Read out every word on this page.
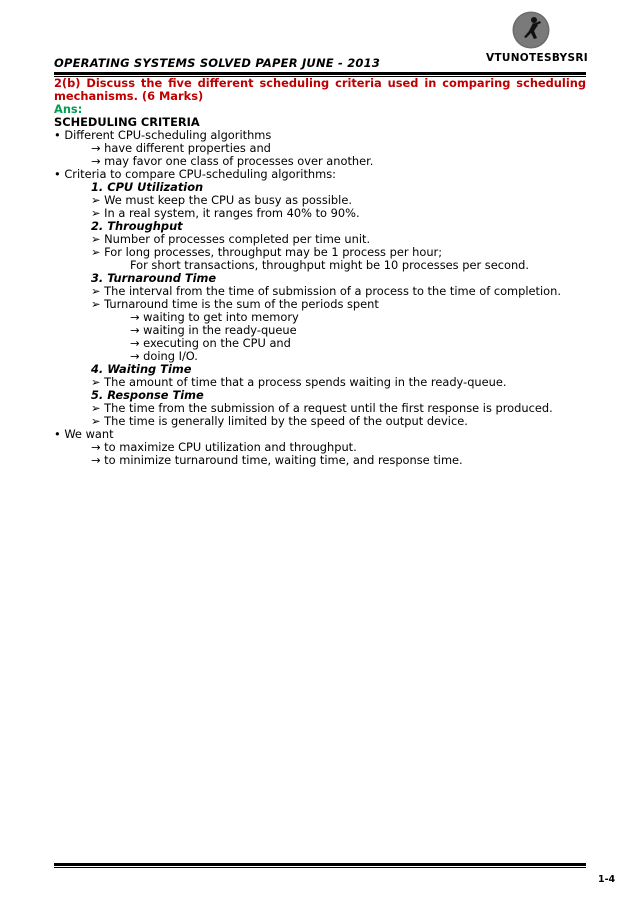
VTUNOTESBYSRI
OPERATING SYSTEMS SOLVED PAPER JUNE - 2013
2(b) Discuss the five different scheduling criteria used in comparing scheduling
mechanisms. (6 Marks)
Ans:
SCHEDULING CRITERIA
• Different CPU-scheduling algorithms
→ have different properties and
→ may favor one class of processes over another.
• Criteria to compare CPU-scheduling algorithms:
1. CPU Utilization
➢ We must keep the CPU as busy as possible.
➢ In a real system, it ranges from 40% to 90%.
2. Throughput
➢ Number of processes completed per time unit.
➢ For long processes, throughput may be 1 process per hour;
For short transactions, throughput might be 10 processes per second.
3. Turnaround Time
➢ The interval from the time of submission of a process to the time of completion.
➢ Turnaround time is the sum of the periods spent
→ waiting to get into memory
→ waiting in the ready-queue
→ executing on the CPU and
→ doing I/O.
4. Waiting Time
➢ The amount of time that a process spends waiting in the ready-queue.
5. Response Time
➢ The time from the submission of a request until the first response is produced.
➢ The time is generally limited by the speed of the output device.
• We want
→ to maximize CPU utilization and throughput.
→ to minimize turnaround time, waiting time, and response time.
1-4
